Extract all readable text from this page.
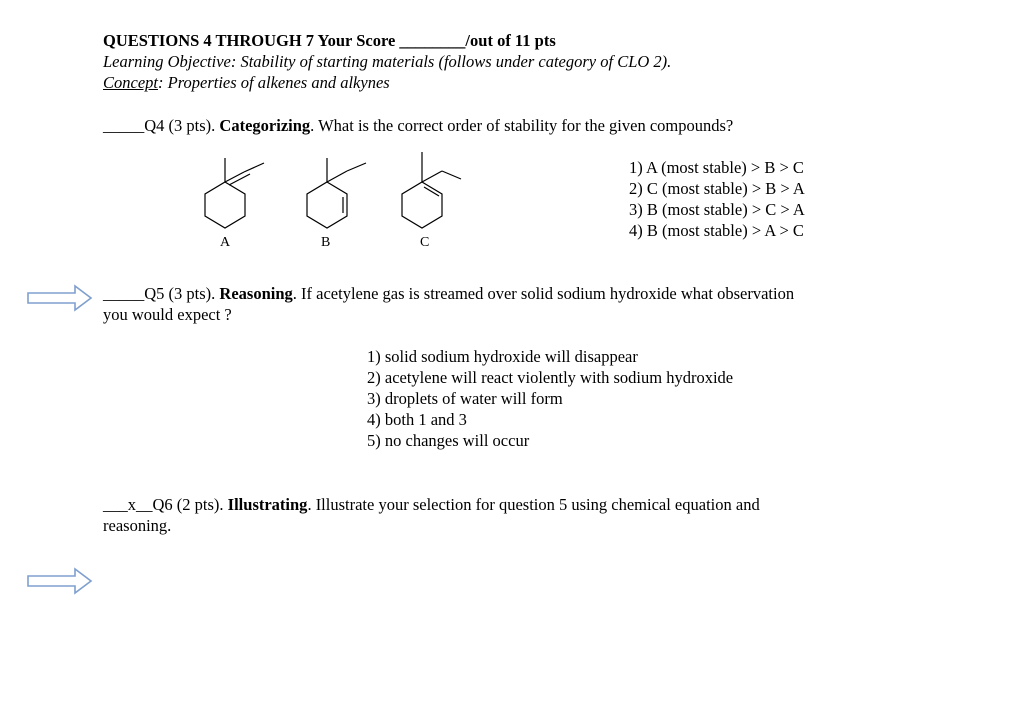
QUESTIONS 4 THROUGH 7 Your Score ________/out of 11 pts
Learning Objective: Stability of starting materials (follows under category of CLO 2).
Concept: Properties of alkenes and alkynes
_____Q4 (3 pts). Categorizing. What is the correct order of stability for the given compounds?
A	B	C
1) A (most stable) > B > C
2) C (most stable) > B > A
3) B (most stable) > C > A
4) B (most stable) > A > C
_____Q5 (3 pts). Reasoning. If acetylene gas is streamed over solid sodium hydroxide what observation
you would expect ?
1) solid sodium hydroxide will disappear
2) acetylene will react violently with sodium hydroxide
3) droplets of water will form
4) both 1 and 3
5) no changes will occur
___x__Q6 (2 pts). Illustrating. Illustrate your selection for question 5 using chemical equation and
reasoning.
